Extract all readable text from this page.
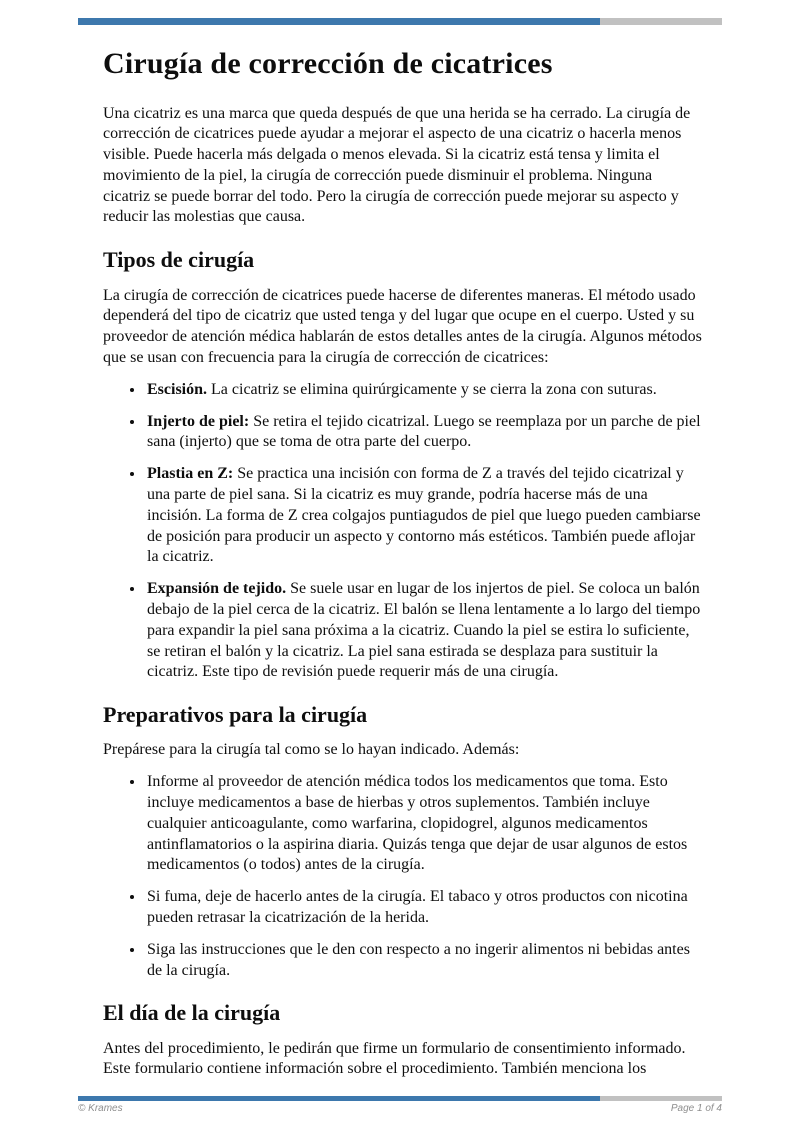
Cirugía de corrección de cicatrices

Una cicatriz es una marca que queda después de que una herida se ha cerrado. La cirugía de corrección de cicatrices puede ayudar a mejorar el aspecto de una cicatriz o hacerla menos visible. Puede hacerla más delgada o menos elevada. Si la cicatriz está tensa y limita el movimiento de la piel, la cirugía de corrección puede disminuir el problema. Ninguna cicatriz se puede borrar del todo. Pero la cirugía de corrección puede mejorar su aspecto y reducir las molestias que causa.

Tipos de cirugía

La cirugía de corrección de cicatrices puede hacerse de diferentes maneras. El método usado dependerá del tipo de cicatriz que usted tenga y del lugar que ocupe en el cuerpo. Usted y su proveedor de atención médica hablarán de estos detalles antes de la cirugía. Algunos métodos que se usan con frecuencia para la cirugía de corrección de cicatrices:

• Escisión. La cicatriz se elimina quirúrgicamente y se cierra la zona con suturas.
• Injerto de piel: Se retira el tejido cicatrizal. Luego se reemplaza por un parche de piel sana (injerto) que se toma de otra parte del cuerpo.
• Plastia en Z: Se practica una incisión con forma de Z a través del tejido cicatrizal y una parte de piel sana. Si la cicatriz es muy grande, podría hacerse más de una incisión. La forma de Z crea colgajos puntiagudos de piel que luego pueden cambiarse de posición para producir un aspecto y contorno más estéticos. También puede aflojar la cicatriz.
• Expansión de tejido. Se suele usar en lugar de los injertos de piel. Se coloca un balón debajo de la piel cerca de la cicatriz. El balón se llena lentamente a lo largo del tiempo para expandir la piel sana próxima a la cicatriz. Cuando la piel se estira lo suficiente, se retiran el balón y la cicatriz. La piel sana estirada se desplaza para sustituir la cicatriz. Este tipo de revisión puede requerir más de una cirugía.
Preparativos para la cirugía

Prepárese para la cirugía tal como se lo hayan indicado. Además:

• Informe al proveedor de atención médica todos los medicamentos que toma. Esto incluye medicamentos a base de hierbas y otros suplementos. También incluye cualquier anticoagulante, como warfarina, clopidogrel, algunos medicamentos antinflamatorios o la aspirina diaria. Quizás tenga que dejar de usar algunos de estos medicamentos (o todos) antes de la cirugía.
• Si fuma, deje de hacerlo antes de la cirugía. El tabaco y otros productos con nicotina pueden retrasar la cicatrización de la herida.
• Siga las instrucciones que le den con respecto a no ingerir alimentos ni bebidas antes de la cirugía.
El día de la cirugía

Antes del procedimiento, le pedirán que firme un formulario de consentimiento informado. Este formulario contiene información sobre el procedimiento. También menciona los

© Krames	Page 1 of 4
